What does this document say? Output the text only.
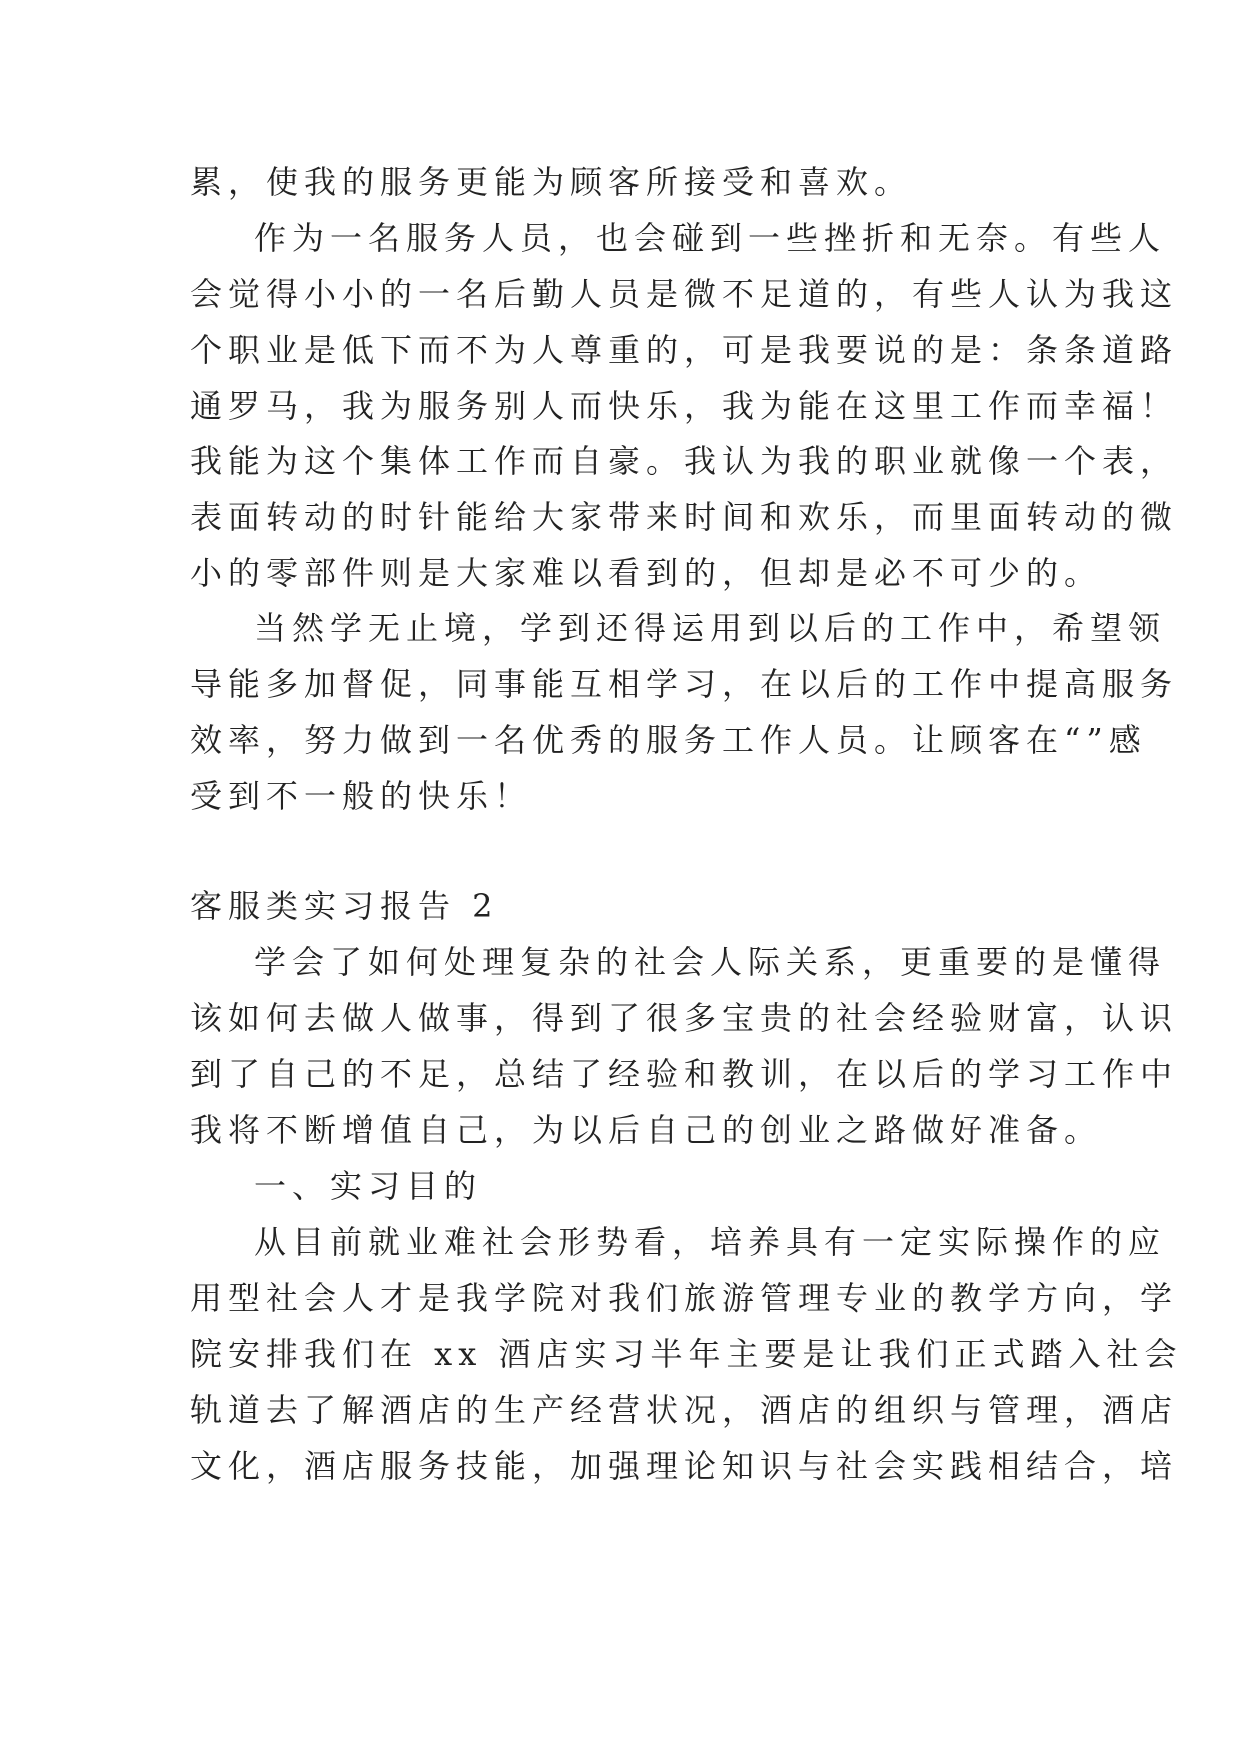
累，使我的服务更能为顾客所接受和喜欢。

作为一名服务人员，也会碰到一些挫折和无奈。有些人

会觉得小小的一名后勤人员是微不足道的，有些人认为我这

个职业是低下而不为人尊重的，可是我要说的是：条条道路

通罗马，我为服务别人而快乐，我为能在这里工作而幸福！

我能为这个集体工作而自豪。我认为我的职业就像一个表，

表面转动的时针能给大家带来时间和欢乐，而里面转动的微

小的零部件则是大家难以看到的，但却是必不可少的。

当然学无止境，学到还得运用到以后的工作中，希望领

导能多加督促，同事能互相学习，在以后的工作中提高服务

效率，努力做到一名优秀的服务工作人员。让顾客在“”感

受到不一般的快乐！

客服类实习报告 2

学会了如何处理复杂的社会人际关系，更重要的是懂得

该如何去做人做事，得到了很多宝贵的社会经验财富，认识

到了自己的不足，总结了经验和教训，在以后的学习工作中

我将不断增值自己，为以后自己的创业之路做好准备。

一、实习目的

从目前就业难社会形势看，培养具有一定实际操作的应

用型社会人才是我学院对我们旅游管理专业的教学方向，学

院安排我们在 xx 酒店实习半年主要是让我们正式踏入社会

轨道去了解酒店的生产经营状况，酒店的组织与管理，酒店

文化，酒店服务技能，加强理论知识与社会实践相结合，培
